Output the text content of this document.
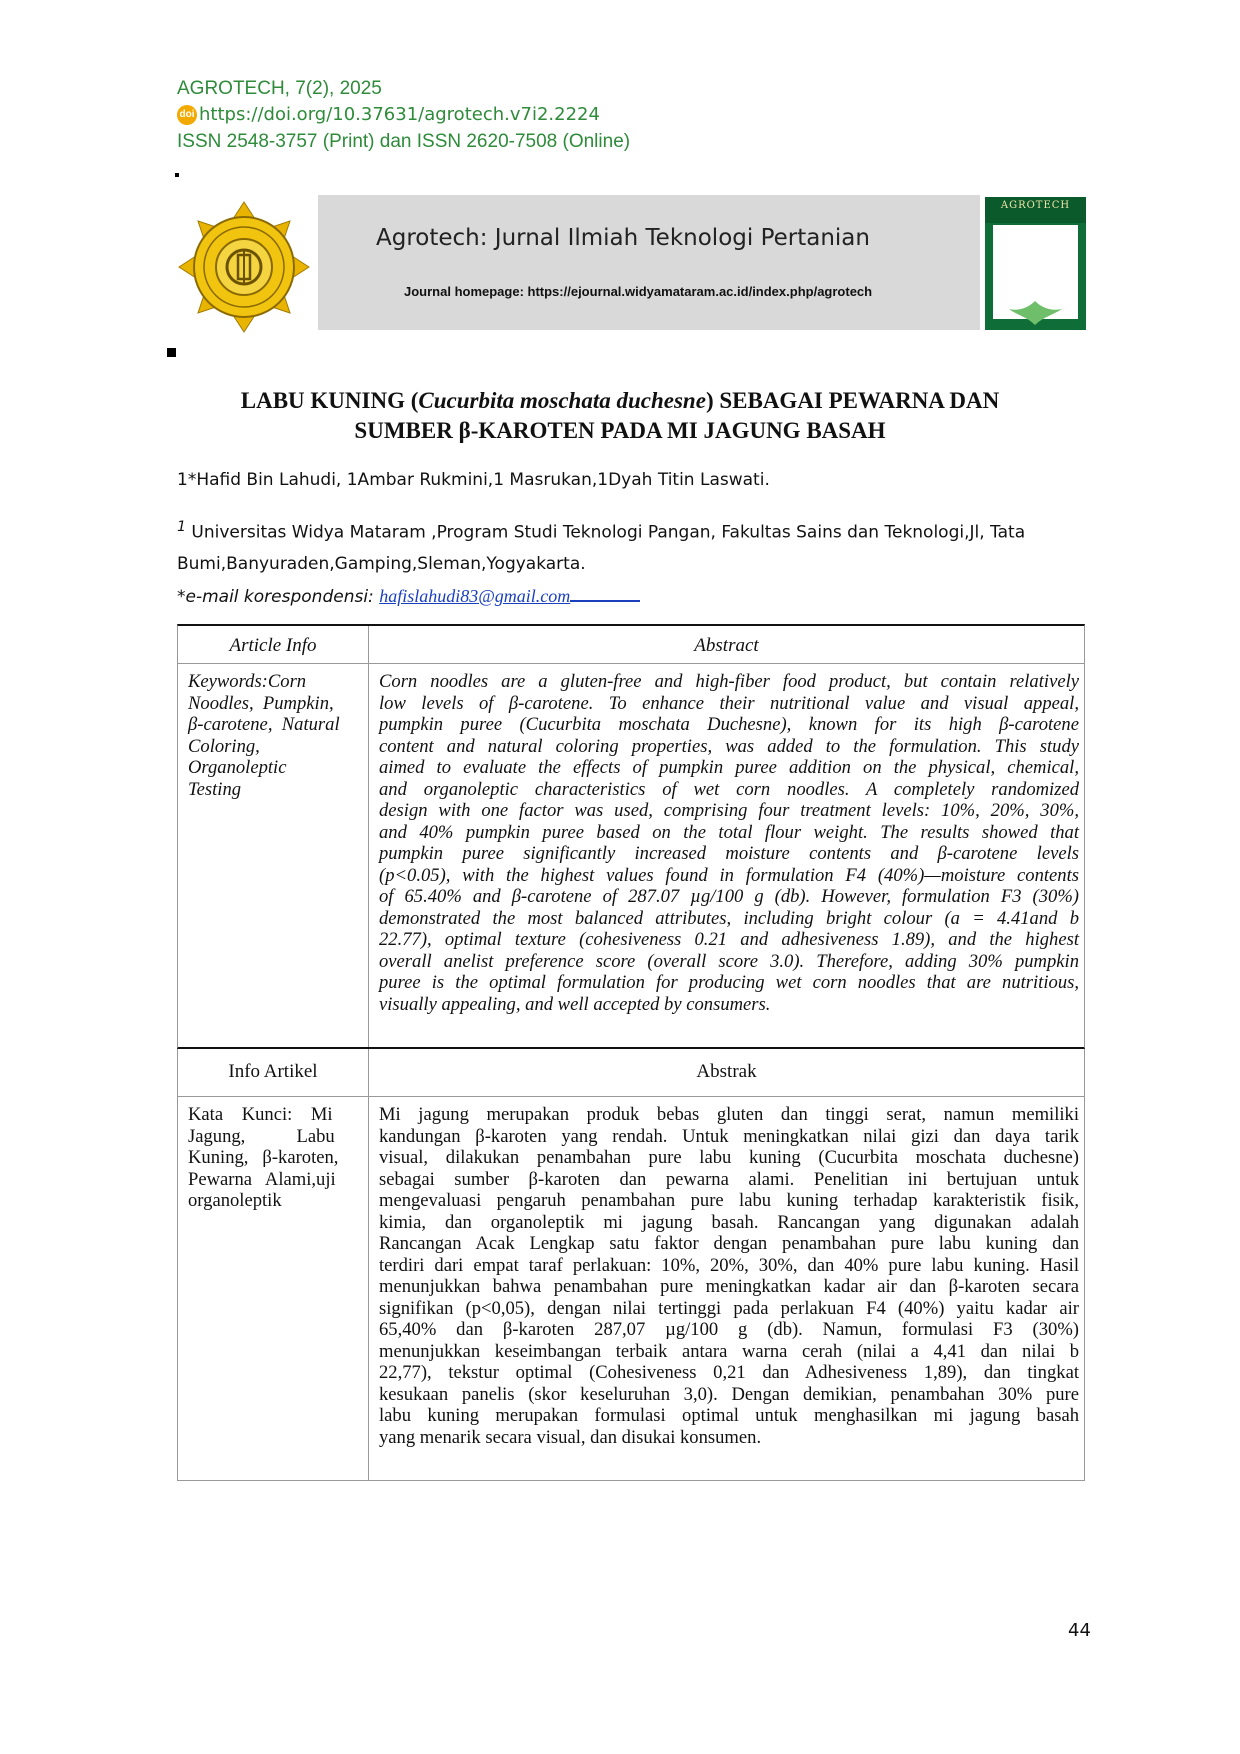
AGROTECH, 7(2), 2025
doi https://doi.org/10.37631/agrotech.v7i2.2224
ISSN 2548-3757 (Print) dan ISSN 2620-7508 (Online)
Agrotech: Jurnal Ilmiah Teknologi Pertanian
Journal homepage: https://ejournal.widyamataram.ac.id/index.php/agrotech
AGROTECH
LABU KUNING (Cucurbita moschata duchesne) SEBAGAI PEWARNA DAN
SUMBER β-KAROTEN PADA MI JAGUNG BASAH
1*Hafid Bin Lahudi, 1Ambar Rukmini,1 Masrukan,1Dyah Titin Laswati.
$^1$ Universitas Widya Mataram ,Program Studi Teknologi Pangan, Fakultas Sains dan Teknologi,Jl, Tata Bumi,Banyuraden,Gamping,Sleman,Yogyakarta.
*e-mail korespondensi: hafislahudi83@gmail.com
Article Info	Abstract
Keywords:Corn
Noodles,  Pumpkin,
β-carotene,  Natural
Coloring,
Organoleptic
Testing
Corn noodles are a gluten-free and high-fiber food product, but contain relatively
low levels of β-carotene. To enhance their nutritional value and visual appeal,
pumpkin puree (Cucurbita moschata Duchesne), known for its high β-carotene
content and natural coloring properties, was added to the formulation. This study
aimed to evaluate the effects of pumpkin puree addition on the physical, chemical,
and organoleptic characteristics of wet corn noodles. A completely randomized
design with one factor was used, comprising four treatment levels: 10%, 20%, 30%,
and 40% pumpkin puree based on the total flour weight. The results showed that
pumpkin puree significantly increased moisture contents and β-carotene levels
(p<0.05), with the highest values found in formulation F4 (40%)—moisture contents
of 65.40% and β-carotene of 287.07 µg/100 g (db). However, formulation F3 (30%)
demonstrated the most balanced attributes, including bright colour (a = 4.41and b
22.77), optimal texture (cohesiveness 0.21 and adhesiveness 1.89), and the highest
overall anelist preference score (overall score 3.0). Therefore, adding 30% pumpkin
puree is the optimal formulation for producing wet corn noodles that are nutritious,
visually appealing, and well accepted by consumers.
Info Artikel	Abstrak
Kata    Kunci:    Mi
Jagung,           Labu
Kuning,   β-karoten,
Pewarna   Alami,uji
organoleptik
Mi jagung merupakan produk bebas gluten dan tinggi serat, namun memiliki
kandungan β-karoten yang rendah. Untuk meningkatkan nilai gizi dan daya tarik
visual, dilakukan penambahan pure labu kuning (Cucurbita moschata duchesne)
sebagai sumber β-karoten dan pewarna alami. Penelitian ini bertujuan untuk
mengevaluasi pengaruh penambahan pure labu kuning terhadap karakteristik fisik,
kimia, dan organoleptik mi jagung basah. Rancangan yang digunakan adalah
Rancangan Acak Lengkap satu faktor dengan penambahan pure labu kuning dan
terdiri dari empat taraf perlakuan: 10%, 20%, 30%, dan 40% pure labu kuning. Hasil
menunjukkan bahwa penambahan pure meningkatkan kadar air dan β-karoten secara
signifikan (p<0,05), dengan nilai tertinggi pada perlakuan F4 (40%) yaitu kadar air
65,40% dan β-karoten 287,07 µg/100 g (db). Namun, formulasi F3 (30%)
menunjukkan keseimbangan terbaik antara warna cerah (nilai a 4,41 dan nilai b
22,77), tekstur optimal (Cohesiveness 0,21 dan Adhesiveness 1,89), dan tingkat
kesukaan panelis (skor keseluruhan 3,0). Dengan demikian, penambahan 30% pure
labu kuning merupakan formulasi optimal untuk menghasilkan mi jagung basah
yang menarik secara visual, dan disukai konsumen.
44
